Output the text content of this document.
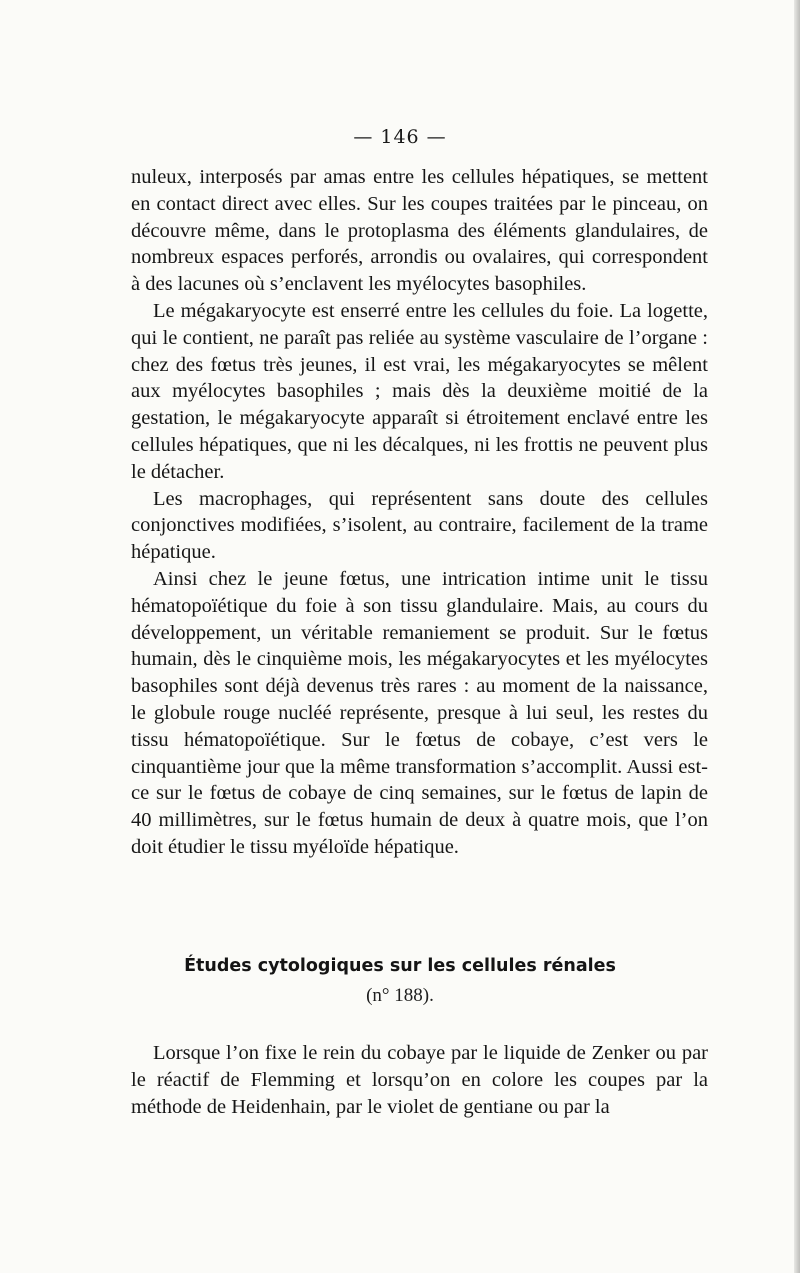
— 146 —

nuleux, interposés par amas entre les cellules hépatiques, se mettent en contact direct avec elles. Sur les coupes traitées par le pinceau, on découvre même, dans le protoplasma des éléments glandulaires, de nombreux espaces perforés, arrondis ou ovalaires, qui correspondent à des lacunes où s’enclavent les myélocytes basophiles.

Le mégakaryocyte est enserré entre les cellules du foie. La logette, qui le contient, ne paraît pas reliée au système vasculaire de l’organe : chez des fœtus très jeunes, il est vrai, les mégakaryocytes se mêlent aux myélocytes basophiles ; mais dès la deuxième moitié de la gestation, le mégakaryocyte apparaît si étroitement enclavé entre les cellules hépatiques, que ni les décalques, ni les frottis ne peuvent plus le détacher.

Les macrophages, qui représentent sans doute des cellules conjonctives modifiées, s’isolent, au contraire, facilement de la trame hépatique.

Ainsi chez le jeune fœtus, une intrication intime unit le tissu hématopoïétique du foie à son tissu glandulaire. Mais, au cours du développement, un véritable remaniement se produit. Sur le fœtus humain, dès le cinquième mois, les mégakaryocytes et les myélocytes basophiles sont déjà devenus très rares : au moment de la naissance, le globule rouge nucléé représente, presque à lui seul, les restes du tissu hématopoïétique. Sur le fœtus de cobaye, c’est vers le cinquantième jour que la même transformation s’accomplit. Aussi est-ce sur le fœtus de cobaye de cinq semaines, sur le fœtus de lapin de 40 millimètres, sur le fœtus humain de deux à quatre mois, que l’on doit étudier le tissu myéloïde hépatique.

Études cytologiques sur les cellules rénales
(n° 188).

Lorsque l’on fixe le rein du cobaye par le liquide de Zenker ou par le réactif de Flemming et lorsqu’on en colore les coupes par la méthode de Heidenhain, par le violet de gentiane ou par la
